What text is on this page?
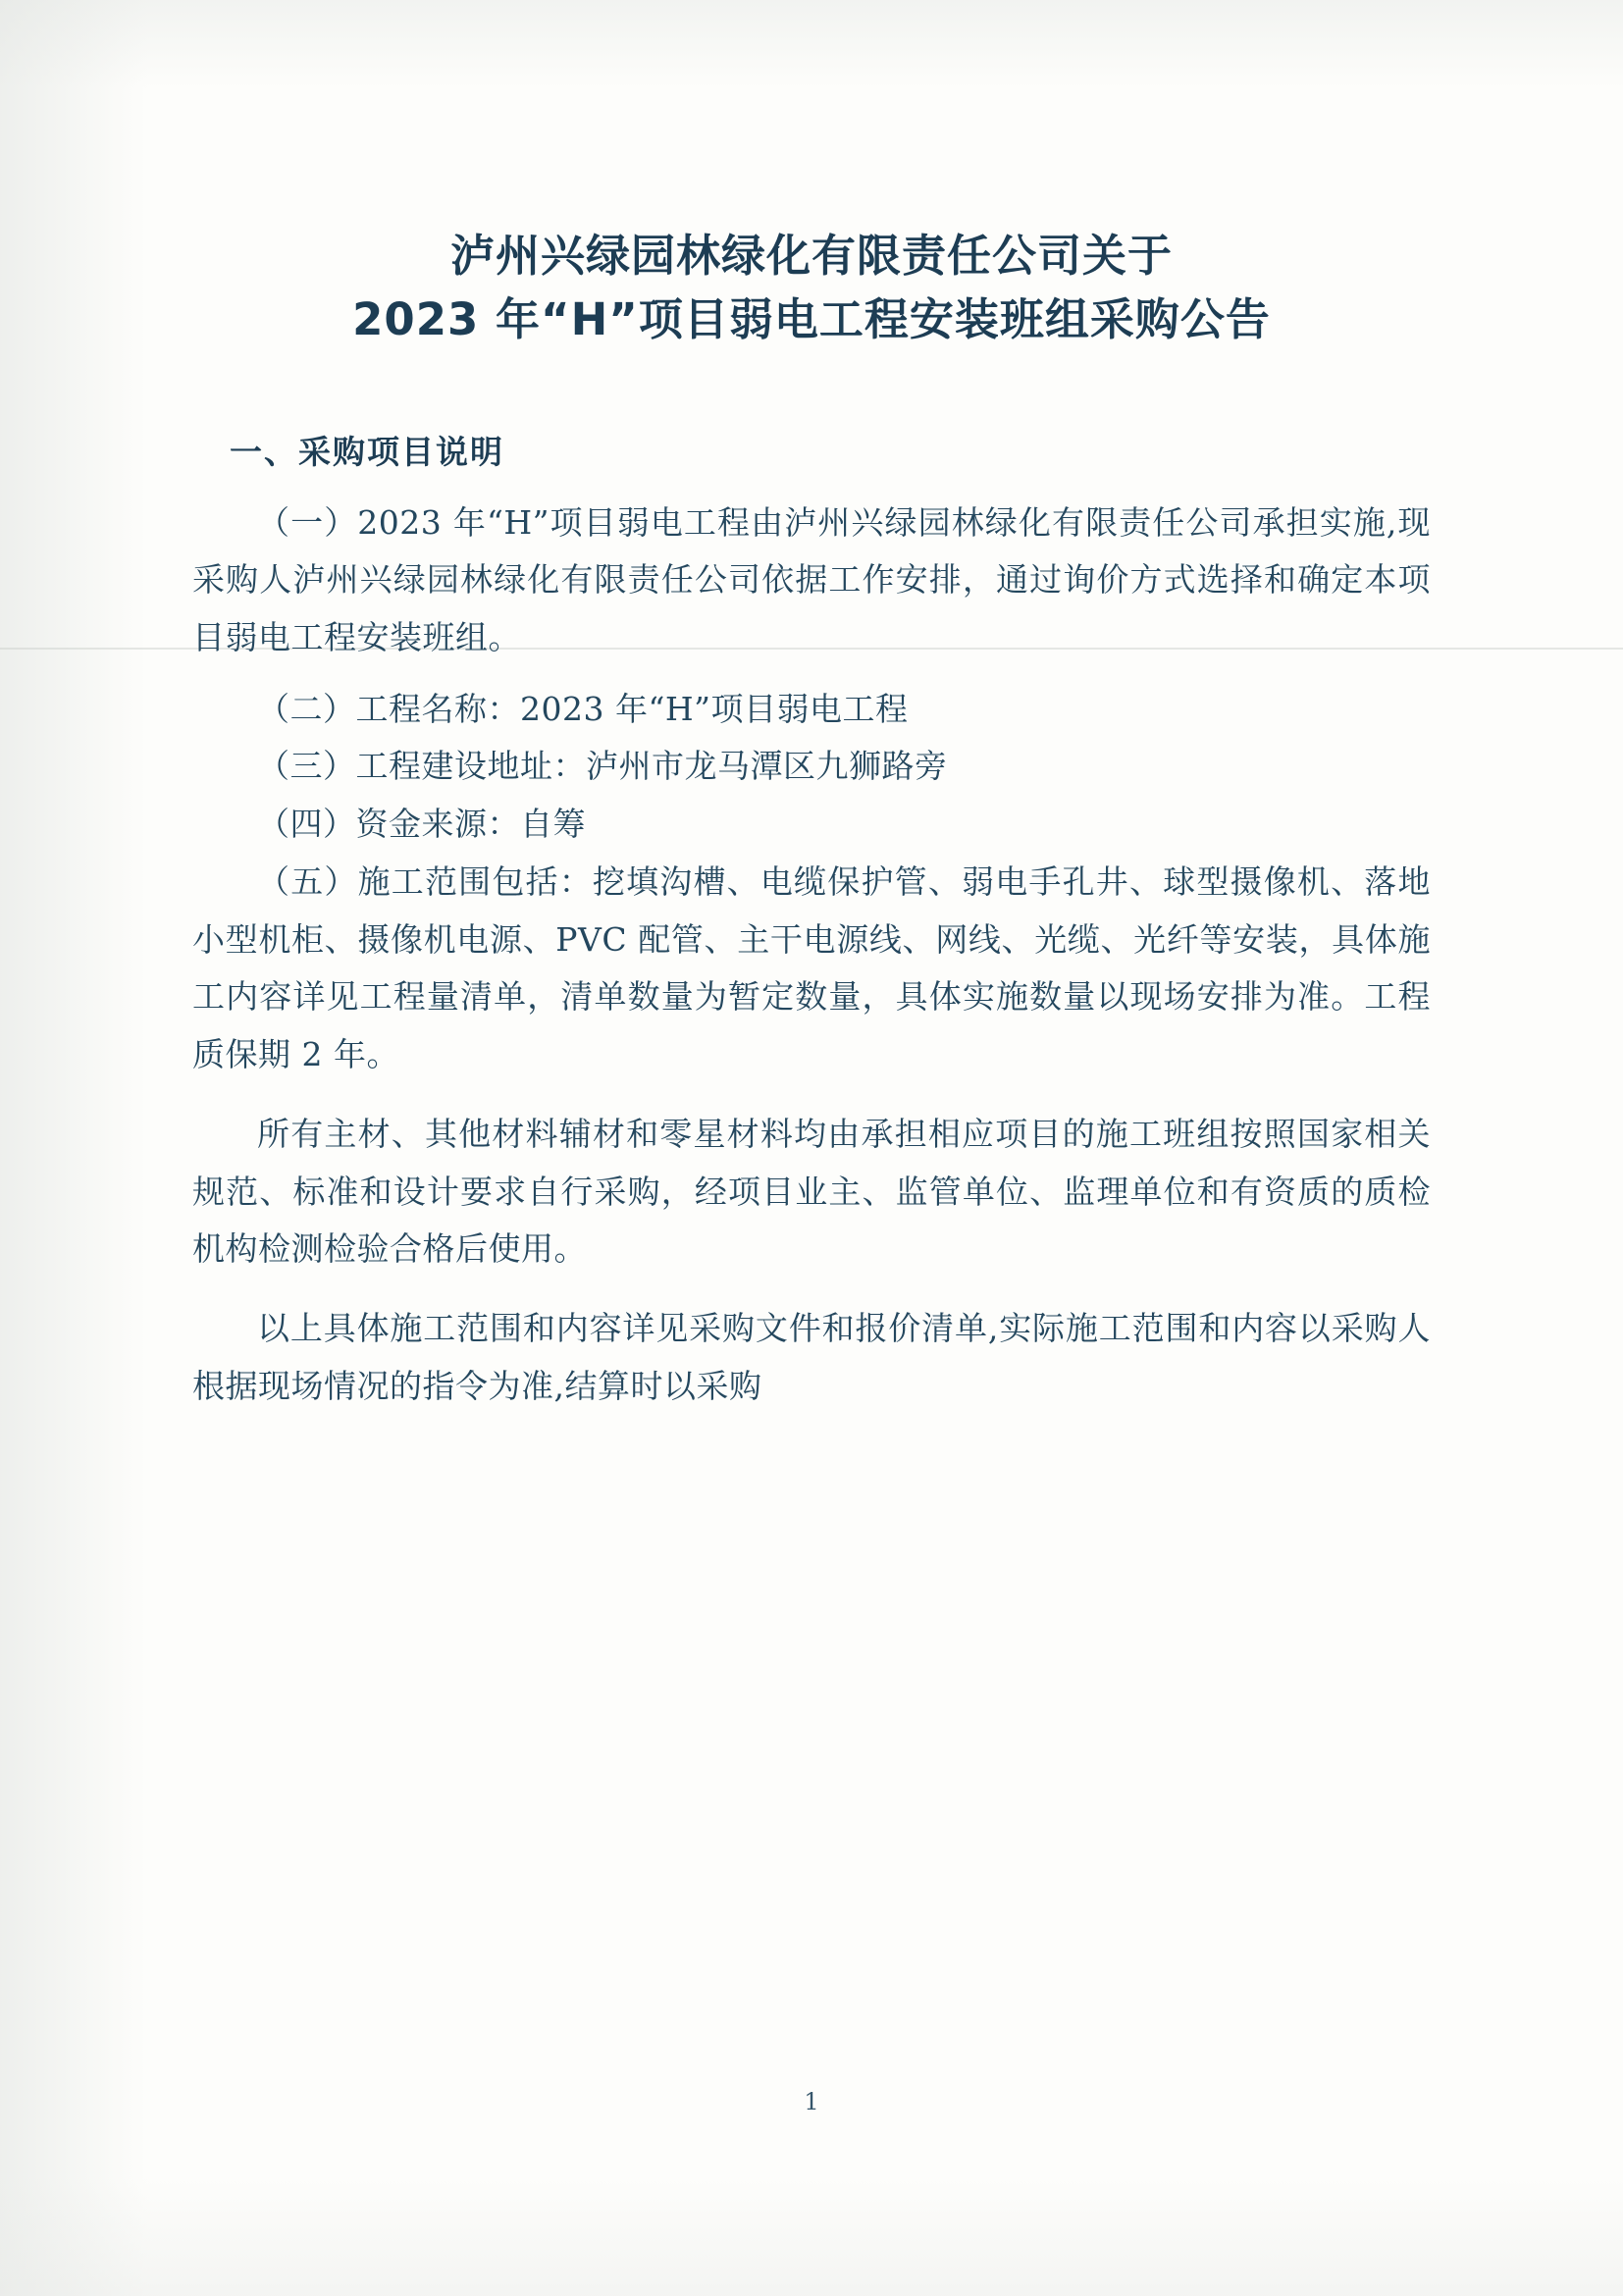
泸州兴绿园林绿化有限责任公司关于
2023 年“H”项目弱电工程安装班组采购公告
一、采购项目说明

（一）2023 年“H”项目弱电工程由泸州兴绿园林绿化有限责任公司承担实施,现采购人泸州兴绿园林绿化有限责任公司依据工作安排，通过询价方式选择和确定本项目弱电工程安装班组。

（二）工程名称：2023 年“H”项目弱电工程

（三）工程建设地址：泸州市龙马潭区九狮路旁

（四）资金来源：自筹

（五）施工范围包括：挖填沟槽、电缆保护管、弱电手孔井、球型摄像机、落地小型机柜、摄像机电源、PVC 配管、主干电源线、网线、光缆、光纤等安装，具体施工内容详见工程量清单，清单数量为暂定数量，具体实施数量以现场安排为准。工程质保期 2 年。

所有主材、其他材料辅材和零星材料均由承担相应项目的施工班组按照国家相关规范、标准和设计要求自行采购，经项目业主、监管单位、监理单位和有资质的质检机构检测检验合格后使用。

以上具体施工范围和内容详见采购文件和报价清单,实际施工范围和内容以采购人根据现场情况的指令为准,结算时以采购

1
